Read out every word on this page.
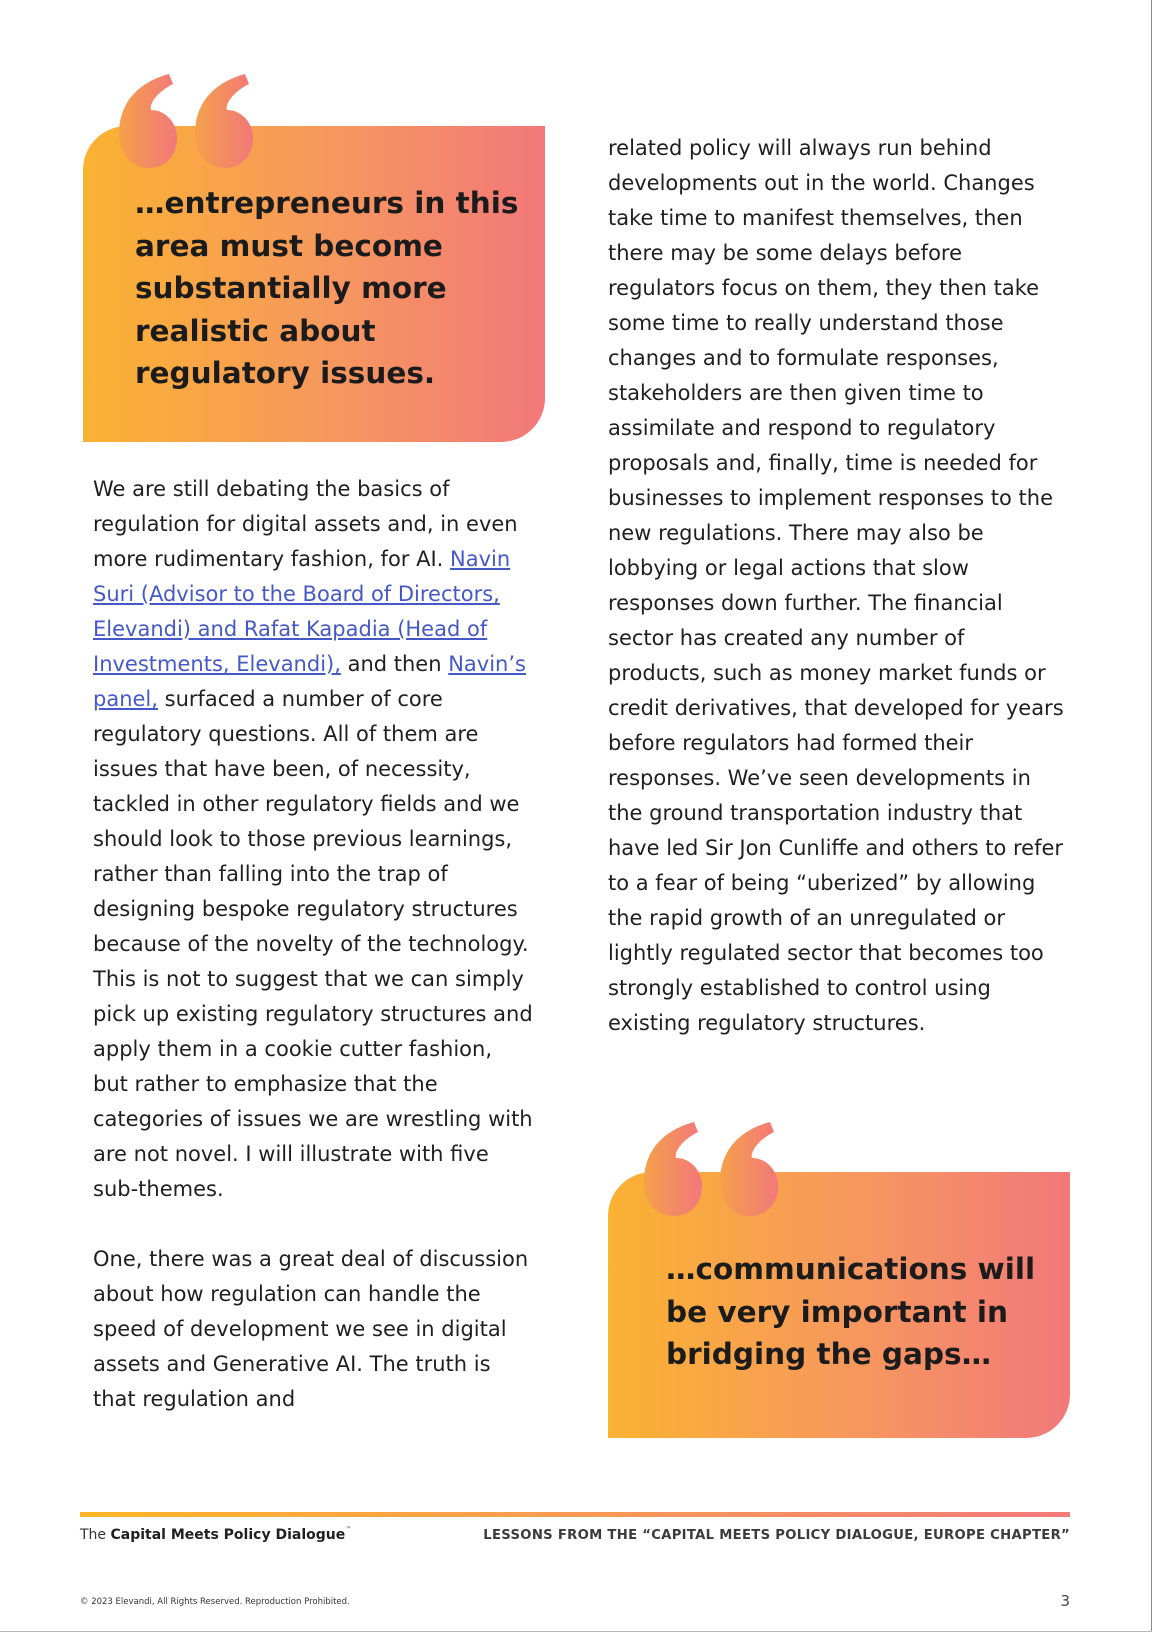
…entrepreneurs in this area must become substantially more realistic about regulatory issues.

We are still debating the basics of regulation for digital assets and, in even more rudimentary fashion, for AI. Navin Suri (Advisor to the Board of Directors, Elevandi) and Rafat Kapadia (Head of Investments, Elevandi), and then Navin’s panel, surfaced a number of core regulatory questions. All of them are issues that have been, of necessity, tackled in other regulatory fields and we should look to those previous learnings, rather than falling into the trap of designing bespoke regulatory structures because of the novelty of the technology. This is not to suggest that we can simply pick up existing regulatory structures and apply them in a cookie cutter fashion, but rather to emphasize that the categories of issues we are wrestling with are not novel. I will illustrate with five sub-themes.

One, there was a great deal of discussion about how regulation can handle the speed of development we see in digital assets and Generative AI. The truth is that regulation and

related policy will always run behind developments out in the world. Changes take time to manifest themselves, then there may be some delays before regulators focus on them, they then take some time to really understand those changes and to formulate responses, stakeholders are then given time to assimilate and respond to regulatory proposals and, finally, time is needed for businesses to implement responses to the new regulations. There may also be lobbying or legal actions that slow responses down further. The financial sector has created any number of products, such as money market funds or credit derivatives, that developed for years before regulators had formed their responses. We’ve seen developments in the ground transportation industry that have led Sir Jon Cunliffe and others to refer to a fear of being “uberized” by allowing the rapid growth of an unregulated or lightly regulated sector that becomes too strongly established to control using existing regulatory structures.

…communications will be very important in bridging the gaps…

The Capital Meets Policy Dialogue™	LESSONS FROM THE “CAPITAL MEETS POLICY DIALOGUE, EUROPE CHAPTER”
© 2023 Elevandi, All Rights Reserved. Reproduction Prohibited.	3
